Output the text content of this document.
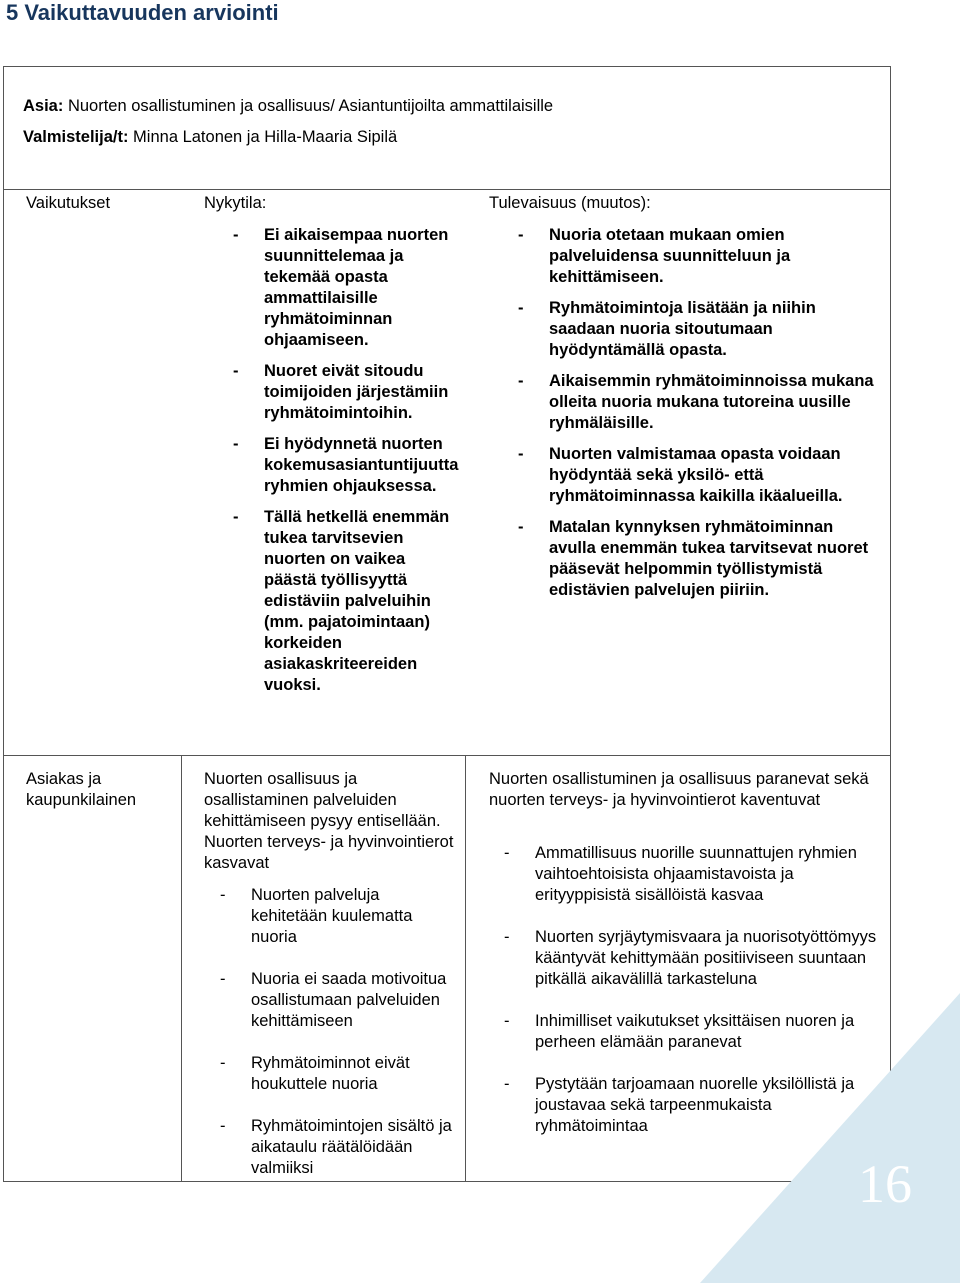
5 Vaikuttavuuden arviointi
Asia: Nuorten osallistuminen ja osallisuus/ Asiantuntijoilta ammattilaisille
Valmistelija/t: Minna Latonen ja Hilla-Maaria Sipilä
Vaikutukset	Nykytila:
- Ei aikaisempaa nuorten suunnittelemaa ja tekemää opasta ammattilaisille ryhmätoiminnan ohjaamiseen.
- Nuoret eivät sitoudu toimijoiden järjestämiin ryhmätoimintoihin.
- Ei hyödynnetä nuorten kokemusasiantuntijuutta ryhmien ohjauksessa.
- Tällä hetkellä enemmän tukea tarvitsevien nuorten on vaikea päästä työllisyyttä edistäviin palveluihin (mm. pajatoimintaan) korkeiden asiakaskriteereiden vuoksi.
Tulevaisuus (muutos):
- Nuoria otetaan mukaan omien palveluidensa suunnitteluun ja kehittämiseen.
- Ryhmätoimintoja lisätään ja niihin saadaan nuoria sitoutumaan hyödyntämällä opasta.
- Aikaisemmin ryhmätoiminnoissa mukana olleita nuoria mukana tutoreina uusille ryhmäläisille.
- Nuorten valmistamaa opasta voidaan hyödyntää sekä yksilö- että ryhmätoiminnassa kaikilla ikäalueilla.
- Matalan kynnyksen ryhmätoiminnan avulla enemmän tukea tarvitsevat nuoret pääsevät helpommin työllistymistä edistävien palvelujen piiriin.
Asiakas ja kaupunkilainen
Nuorten osallisuus ja osallistaminen palveluiden kehittämiseen pysyy entisellään. Nuorten terveys- ja hyvinvointierot kasvavat
- Nuorten palveluja kehitetään kuulematta nuoria
- Nuoria ei saada motivoitua osallistumaan palveluiden kehittämiseen
- Ryhmätoiminnot eivät houkuttele nuoria
- Ryhmätoimintojen sisältö ja aikataulu räätälöidään valmiiksi
Nuorten osallistuminen ja osallisuus paranevat sekä nuorten terveys- ja hyvinvointierot kaventuvat
- Ammatillisuus nuorille suunnattujen ryhmien vaihtoehtoisista ohjaamistavoista ja erityyppisistä sisällöistä kasvaa
- Nuorten syrjäytymisvaara ja nuorisotyöttömyys kääntyvät kehittymään positiiviseen suuntaan pitkällä aikavälillä tarkasteluna
- Inhimilliset vaikutukset yksittäisen nuoren ja perheen elämään paranevat
- Pystytään tarjoamaan nuorelle yksilöllistä ja joustavaa sekä tarpeenmukaista ryhmätoimintaa
16
